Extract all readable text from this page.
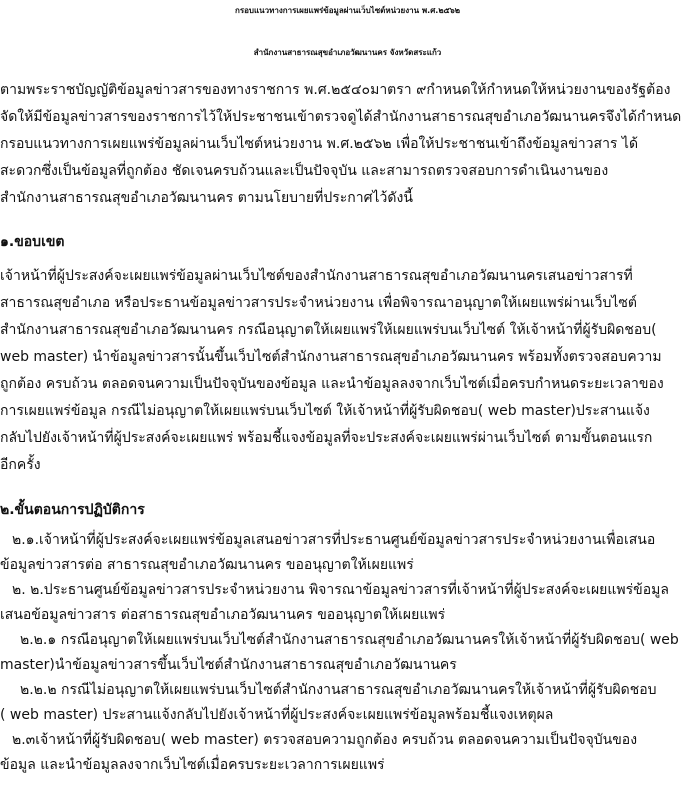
กรอบแนวทางการเผยแพร่ข้อมูลผ่านเว็บไซต์หน่วยงาน พ.ศ.๒๕๖๒
สำนักงานสาธารณสุขอำเภอวัฒนานคร จังหวัดสระแก้ว
ตามพระราชบัญญัติข้อมูลข่าวสารของทางราชการ พ.ศ.๒๕๔๐มาตรา ๙กำหนดให้กำหนดให้หน่วยงานของรัฐต้อง
จัดให้มีข้อมูลข่าวสารของราชการไว้ให้ประชาชนเข้าตรวจดูได้สำนักงานสาธารณสุขอำเภอวัฒนานครจึงได้กำหนด
กรอบแนวทางการเผยแพร่ข้อมูลผ่านเว็บไซต์หน่วยงาน พ.ศ.๒๕๖๒ เพื่อให้ประชาชนเข้าถึงข้อมูลข่าวสาร ได้
สะดวกซึ่งเป็นข้อมูลที่ถูกต้อง ชัดเจนครบถ้วนและเป็นปัจจุบัน และสามารถตรวจสอบการดำเนินงานของ
สำนักงานสาธารณสุขอำเภอวัฒนานคร ตามนโยบายที่ประกาศไว้ดังนี้
๑.ขอบเขต
เจ้าหน้าที่ผู้ประสงค์จะเผยแพร่ข้อมูลผ่านเว็บไซต์ของสำนักงานสาธารณสุขอำเภอวัฒนานครเสนอข่าวสารที่
สาธารณสุขอำเภอ หรือประธานข้อมูลข่าวสารประจำหน่วยงาน เพื่อพิจารณาอนุญาตให้เผยแพร่ผ่านเว็บไซต์
สำนักงานสาธารณสุขอำเภอวัฒนานคร กรณีอนุญาตให้เผยแพร่ให้เผยแพร่บนเว็บไซต์ ให้เจ้าหน้าที่ผู้รับผิดชอบ(
web master) นำข้อมูลข่าวสารนั้นขึ้นเว็บไซต์สำนักงานสาธารณสุขอำเภอวัฒนานคร พร้อมทั้งตรวจสอบความ
ถูกต้อง ครบถ้วน ตลอดจนความเป็นปัจจุบันของข้อมูล และนำข้อมูลลงจากเว็บไซต์เมื่อครบกำหนดระยะเวลาของ
การเผยแพร่ข้อมูล กรณีไม่อนุญาตให้เผยแพร่บนเว็บไซต์ ให้เจ้าหน้าที่ผู้รับผิดชอบ( web master)ประสานแจ้ง
กลับไปยังเจ้าหน้าที่ผู้ประสงค์จะเผยแพร่ พร้อมชี้แจงข้อมูลที่จะประสงค์จะเผยแพร่ผ่านเว็บไซต์ ตามขั้นตอนแรก
อีกครั้ง
๒.ขั้นตอนการปฏิบัติการ
๒.๑.เจ้าหน้าที่ผู้ประสงค์จะเผยแพร่ข้อมูลเสนอข่าวสารที่ประธานศูนย์ข้อมูลข่าวสารประจำหน่วยงานเพื่อเสนอ
ข้อมูลข่าวสารต่อ สาธารณสุขอำเภอวัฒนานคร ขออนุญาตให้เผยแพร่
๒. ๒.ประธานศูนย์ข้อมูลข่าวสารประจำหน่วยงาน พิจารณาข้อมูลข่าวสารที่เจ้าหน้าที่ผู้ประสงค์จะเผยแพร่ข้อมูล
เสนอข้อมูลข่าวสาร ต่อสาธารณสุขอำเภอวัฒนานคร ขออนุญาตให้เผยแพร่
๒.๒.๑ กรณีอนุญาตให้เผยแพร่บนเว็บไซต์สำนักงานสาธารณสุขอำเภอวัฒนานครให้เจ้าหน้าที่ผู้รับผิดชอบ( web
master)นำข้อมูลข่าวสารขึ้นเว็บไซต์สำนักงานสาธารณสุขอำเภอวัฒนานคร
๒.๒.๒ กรณีไม่อนุญาตให้เผยแพร่บนเว็บไซต์สำนักงานสาธารณสุขอำเภอวัฒนานครให้เจ้าหน้าที่ผู้รับผิดชอบ
( web master) ประสานแจ้งกลับไปยังเจ้าหน้าที่ผู้ประสงค์จะเผยแพร่ข้อมูลพร้อมชี้แจงเหตุผล
๒.๓เจ้าหน้าที่ผู้รับผิดชอบ( web master) ตรวจสอบความถูกต้อง ครบถ้วน ตลอดจนความเป็นปัจจุบันของ
ข้อมูล และนำข้อมูลลงจากเว็บไซต์เมื่อครบระยะเวลาการเผยแพร่
